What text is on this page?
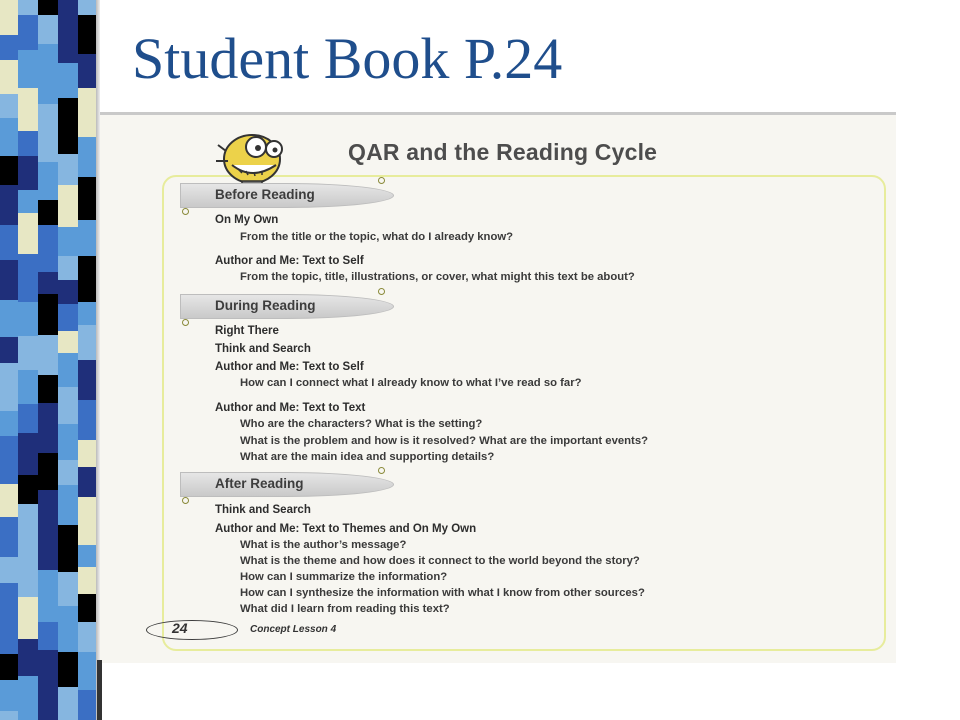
Student Book P.24
QAR and the Reading Cycle
Before Reading
On My Own
From the title or the topic, what do I already know?
Author and Me: Text to Self
From the topic, title, illustrations, or cover, what might this text be about?
During Reading
Right There
Think and Search
Author and Me: Text to Self
How can I connect what I already know to what I’ve read so far?
Author and Me: Text to Text
Who are the characters? What is the setting?
What is the problem and how is it resolved? What are the important events?
What are the main idea and supporting details?
After Reading
Think and Search
Author and Me: Text to Themes and On My Own
What is the author’s message?
What is the theme and how does it connect to the world beyond the story?
How can I summarize the information?
How can I synthesize the information with what I know from other sources?
What did I learn from reading this text?
24	Concept Lesson 4
